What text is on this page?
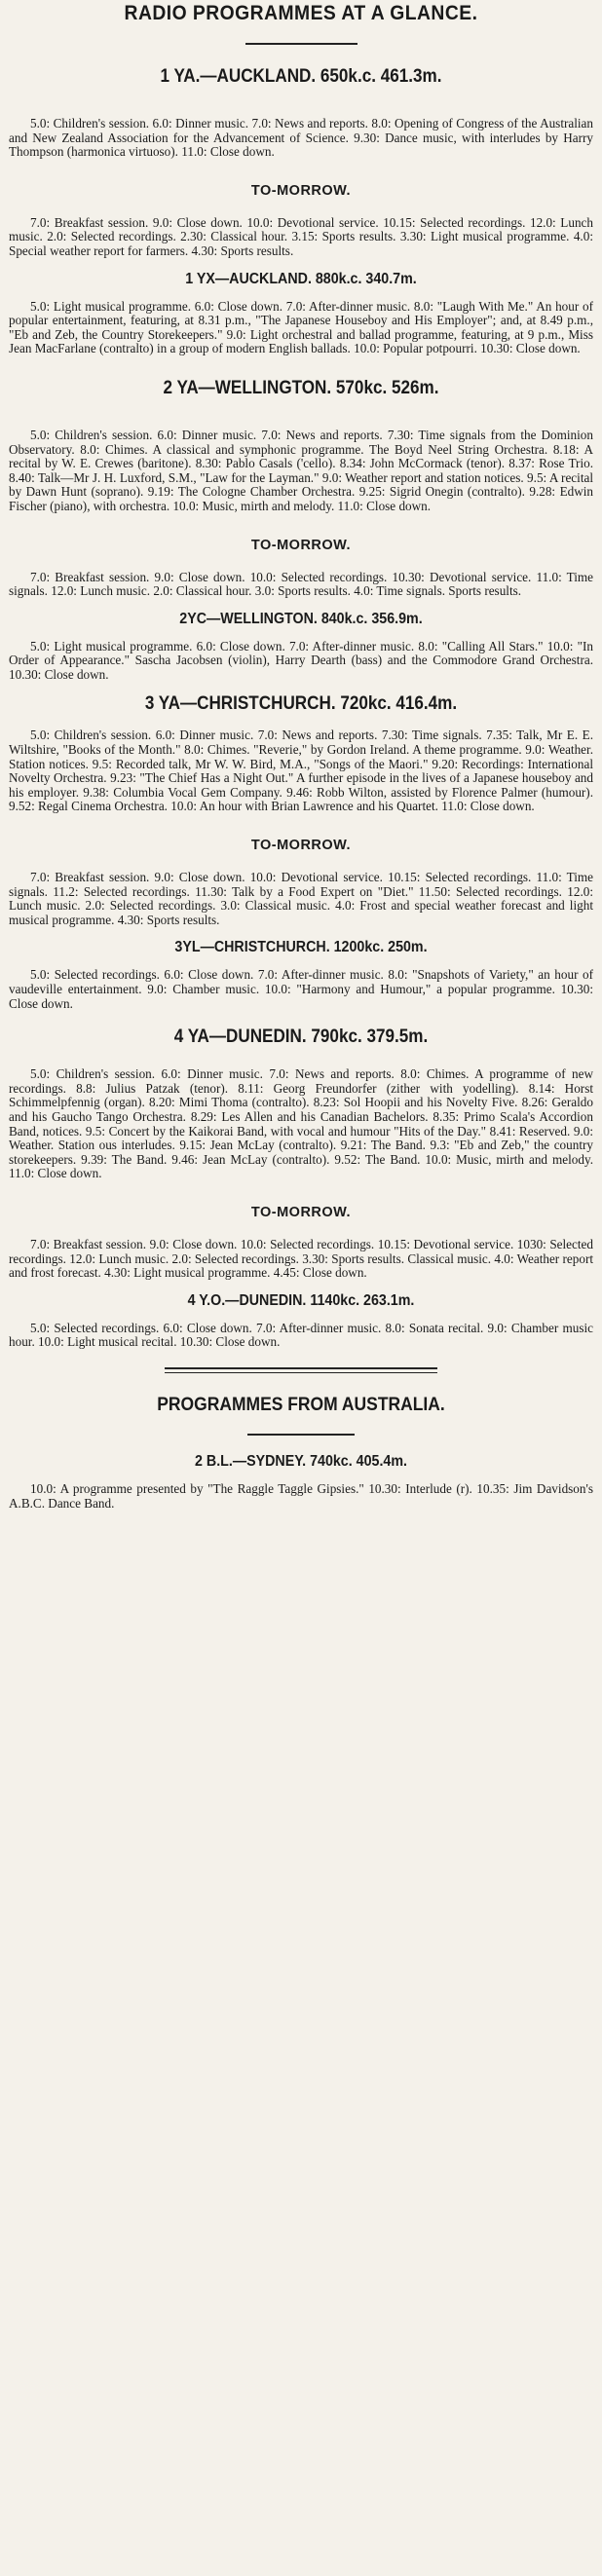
RADIO PROGRAMMES AT A GLANCE.
1 YA.—AUCKLAND. 650k.c. 461.3m.

5.0: Children's session. 6.0: Dinner music. 7.0: News and reports. 8.0: Opening of Congress of the Australian and New Zealand Association for the Advancement of Science. 9.30: Dance music, with interludes by Harry Thompson (harmonica virtuoso). 11.0: Close down.

TO-MORROW.

7.0: Breakfast session. 9.0: Close down. 10.0: Devotional service. 10.15: Selected recordings. 12.0: Lunch music. 2.0: Selected recordings. 2.30: Classical hour. 3.15: Sports results. 3.30: Light musical programme. 4.0: Special weather report for farmers. 4.30: Sports results.

1 YX—AUCKLAND. 880k.c. 340.7m.

5.0: Light musical programme. 6.0: Close down. 7.0: After-dinner music. 8.0: "Laugh With Me." An hour of popular entertainment, featuring, at 8.31 p.m., "The Japanese Houseboy and His Employer"; and, at 8.49 p.m., "Eb and Zeb, the Country Storekeepers." 9.0: Light orchestral and ballad programme, featuring, at 9 p.m., Miss Jean MacFarlane (contralto) in a group of modern English ballads. 10.0: Popular potpourri. 10.30: Close down.

2 YA—WELLINGTON. 570kc. 526m.

5.0: Children's session. 6.0: Dinner music. 7.0: News and reports. 7.30: Time signals from the Dominion Observatory. 8.0: Chimes. A classical and symphonic programme. The Boyd Neel String Orchestra. 8.18: A recital by W. E. Crewes (baritone). 8.30: Pablo Casals ('cello). 8.34: John McCormack (tenor). 8.37: Rose Trio. 8.40: Talk—Mr J. H. Luxford, S.M., "Law for the Layman." 9.0: Weather report and station notices. 9.5: A recital by Dawn Hunt (soprano). 9.19: The Cologne Chamber Orchestra. 9.25: Sigrid Onegin (contralto). 9.28: Edwin Fischer (piano), with orchestra. 10.0: Music, mirth and melody. 11.0: Close down.

TO-MORROW.

7.0: Breakfast session. 9.0: Close down. 10.0: Selected recordings. 10.30: Devotional service. 11.0: Time signals. 12.0: Lunch music. 2.0: Classical hour. 3.0: Sports results. 4.0: Time signals. Sports results.

2YC—WELLINGTON. 840k.c. 356.9m.

5.0: Light musical programme. 6.0: Close down. 7.0: After-dinner music. 8.0: "Calling All Stars." 10.0: "In Order of Appearance." Sascha Jacobsen (violin), Harry Dearth (bass) and the Commodore Grand Orchestra. 10.30: Close down.

3 YA—CHRISTCHURCH. 720kc. 416.4m.

5.0: Children's session. 6.0: Dinner music. 7.0: News and reports. 7.30: Time signals. 7.35: Talk, Mr E. E. Wiltshire, "Books of the Month." 8.0: Chimes. "Reverie," by Gordon Ireland. A theme programme. 9.0: Weather. Station notices. 9.5: Recorded talk, Mr W. W. Bird, M.A., "Songs of the Maori." 9.20: Recordings: International Novelty Orchestra. 9.23: "The Chief Has a Night Out." A further episode in the lives of a Japanese houseboy and his employer. 9.38: Columbia Vocal Gem Company. 9.46: Robb Wilton, assisted by Florence Palmer (humour). 9.52: Regal Cinema Orchestra. 10.0: An hour with Brian Lawrence and his Quartet. 11.0: Close down.

TO-MORROW.

7.0: Breakfast session. 9.0: Close down. 10.0: Devotional service. 10.15: Selected recordings. 11.0: Time signals. 11.2: Selected recordings. 11.30: Talk by a Food Expert on "Diet." 11.50: Selected recordings. 12.0: Lunch music. 2.0: Selected recordings. 3.0: Classical music. 4.0: Frost and special weather forecast and light musical programme. 4.30: Sports results.

3YL—CHRISTCHURCH. 1200kc. 250m.

5.0: Selected recordings. 6.0: Close down. 7.0: After-dinner music. 8.0: "Snapshots of Variety," an hour of vaudeville entertainment. 9.0: Chamber music. 10.0: "Harmony and Humour," a popular programme. 10.30: Close down.

4 YA—DUNEDIN. 790kc. 379.5m.

5.0: Children's session. 6.0: Dinner music. 7.0: News and reports. 8.0: Chimes. A programme of new recordings. 8.8: Julius Patzak (tenor). 8.11: Georg Freundorfer (zither with yodelling). 8.14: Horst Schimmelpfennig (organ). 8.20: Mimi Thoma (contralto). 8.23: Sol Hoopii and his Novelty Five. 8.26: Geraldo and his Gaucho Tango Orchestra. 8.29: Les Allen and his Canadian Bachelors. 8.35: Primo Scala's Accordion Band, notices. 9.5: Concert by the Kaikorai Band, with vocal and humour "Hits of the Day." 8.41: Reserved. 9.0: Weather. Station ous interludes. 9.15: Jean McLay (contralto). 9.21: The Band. 9.3: "Eb and Zeb," the country storekeepers. 9.39: The Band. 9.46: Jean McLay (contralto). 9.52: The Band. 10.0: Music, mirth and melody. 11.0: Close down.

TO-MORROW.

7.0: Breakfast session. 9.0: Close down. 10.0: Selected recordings. 10.15: Devotional service. 1030: Selected recordings. 12.0: Lunch music. 2.0: Selected recordings. 3.30: Sports results. Classical music. 4.0: Weather report and frost forecast. 4.30: Light musical programme. 4.45: Close down.

4 Y.O.—DUNEDIN. 1140kc. 263.1m.

5.0: Selected recordings. 6.0: Close down. 7.0: After-dinner music. 8.0: Sonata recital. 9.0: Chamber music hour. 10.0: Light musical recital. 10.30: Close down.

PROGRAMMES FROM AUSTRALIA.
2 B.L.—SYDNEY. 740kc. 405.4m.

10.0: A programme presented by "The Raggle Taggle Gipsies." 10.30: Interlude (r). 10.35: Jim Davidson's A.B.C. Dance Band.
